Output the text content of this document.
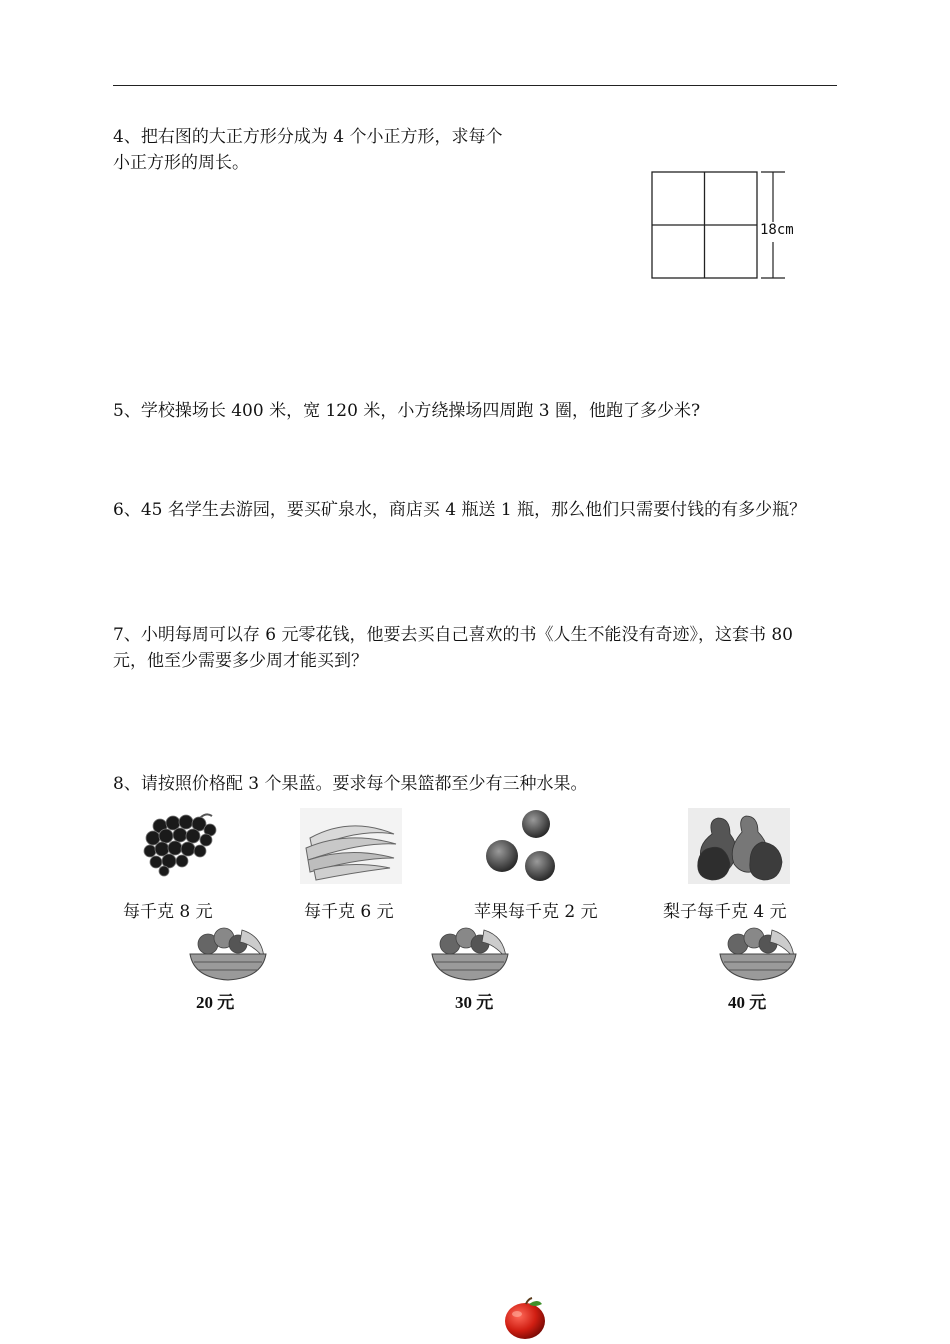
4、把右图的大正方形分成为 4 个小正方形，求每个
小正方形的周长。
18cm
5、学校操场长 400 米，宽 120 米，小方绕操场四周跑 3 圈，他跑了多少米?
6、45 名学生去游园，要买矿泉水，商店买 4 瓶送 1 瓶，那么他们只需要付钱的有多少瓶？
7、小明每周可以存 6 元零花钱，他要去买自己喜欢的书《人生不能没有奇迹》，这套书 80
元，他至少需要多少周才能买到？
8、请按照价格配 3 个果蓝。要求每个果篮都至少有三种水果。
每千克 8 元	每千克 6 元	苹果每千克 2 元	梨子每千克 4 元
20 元	30 元	40 元
